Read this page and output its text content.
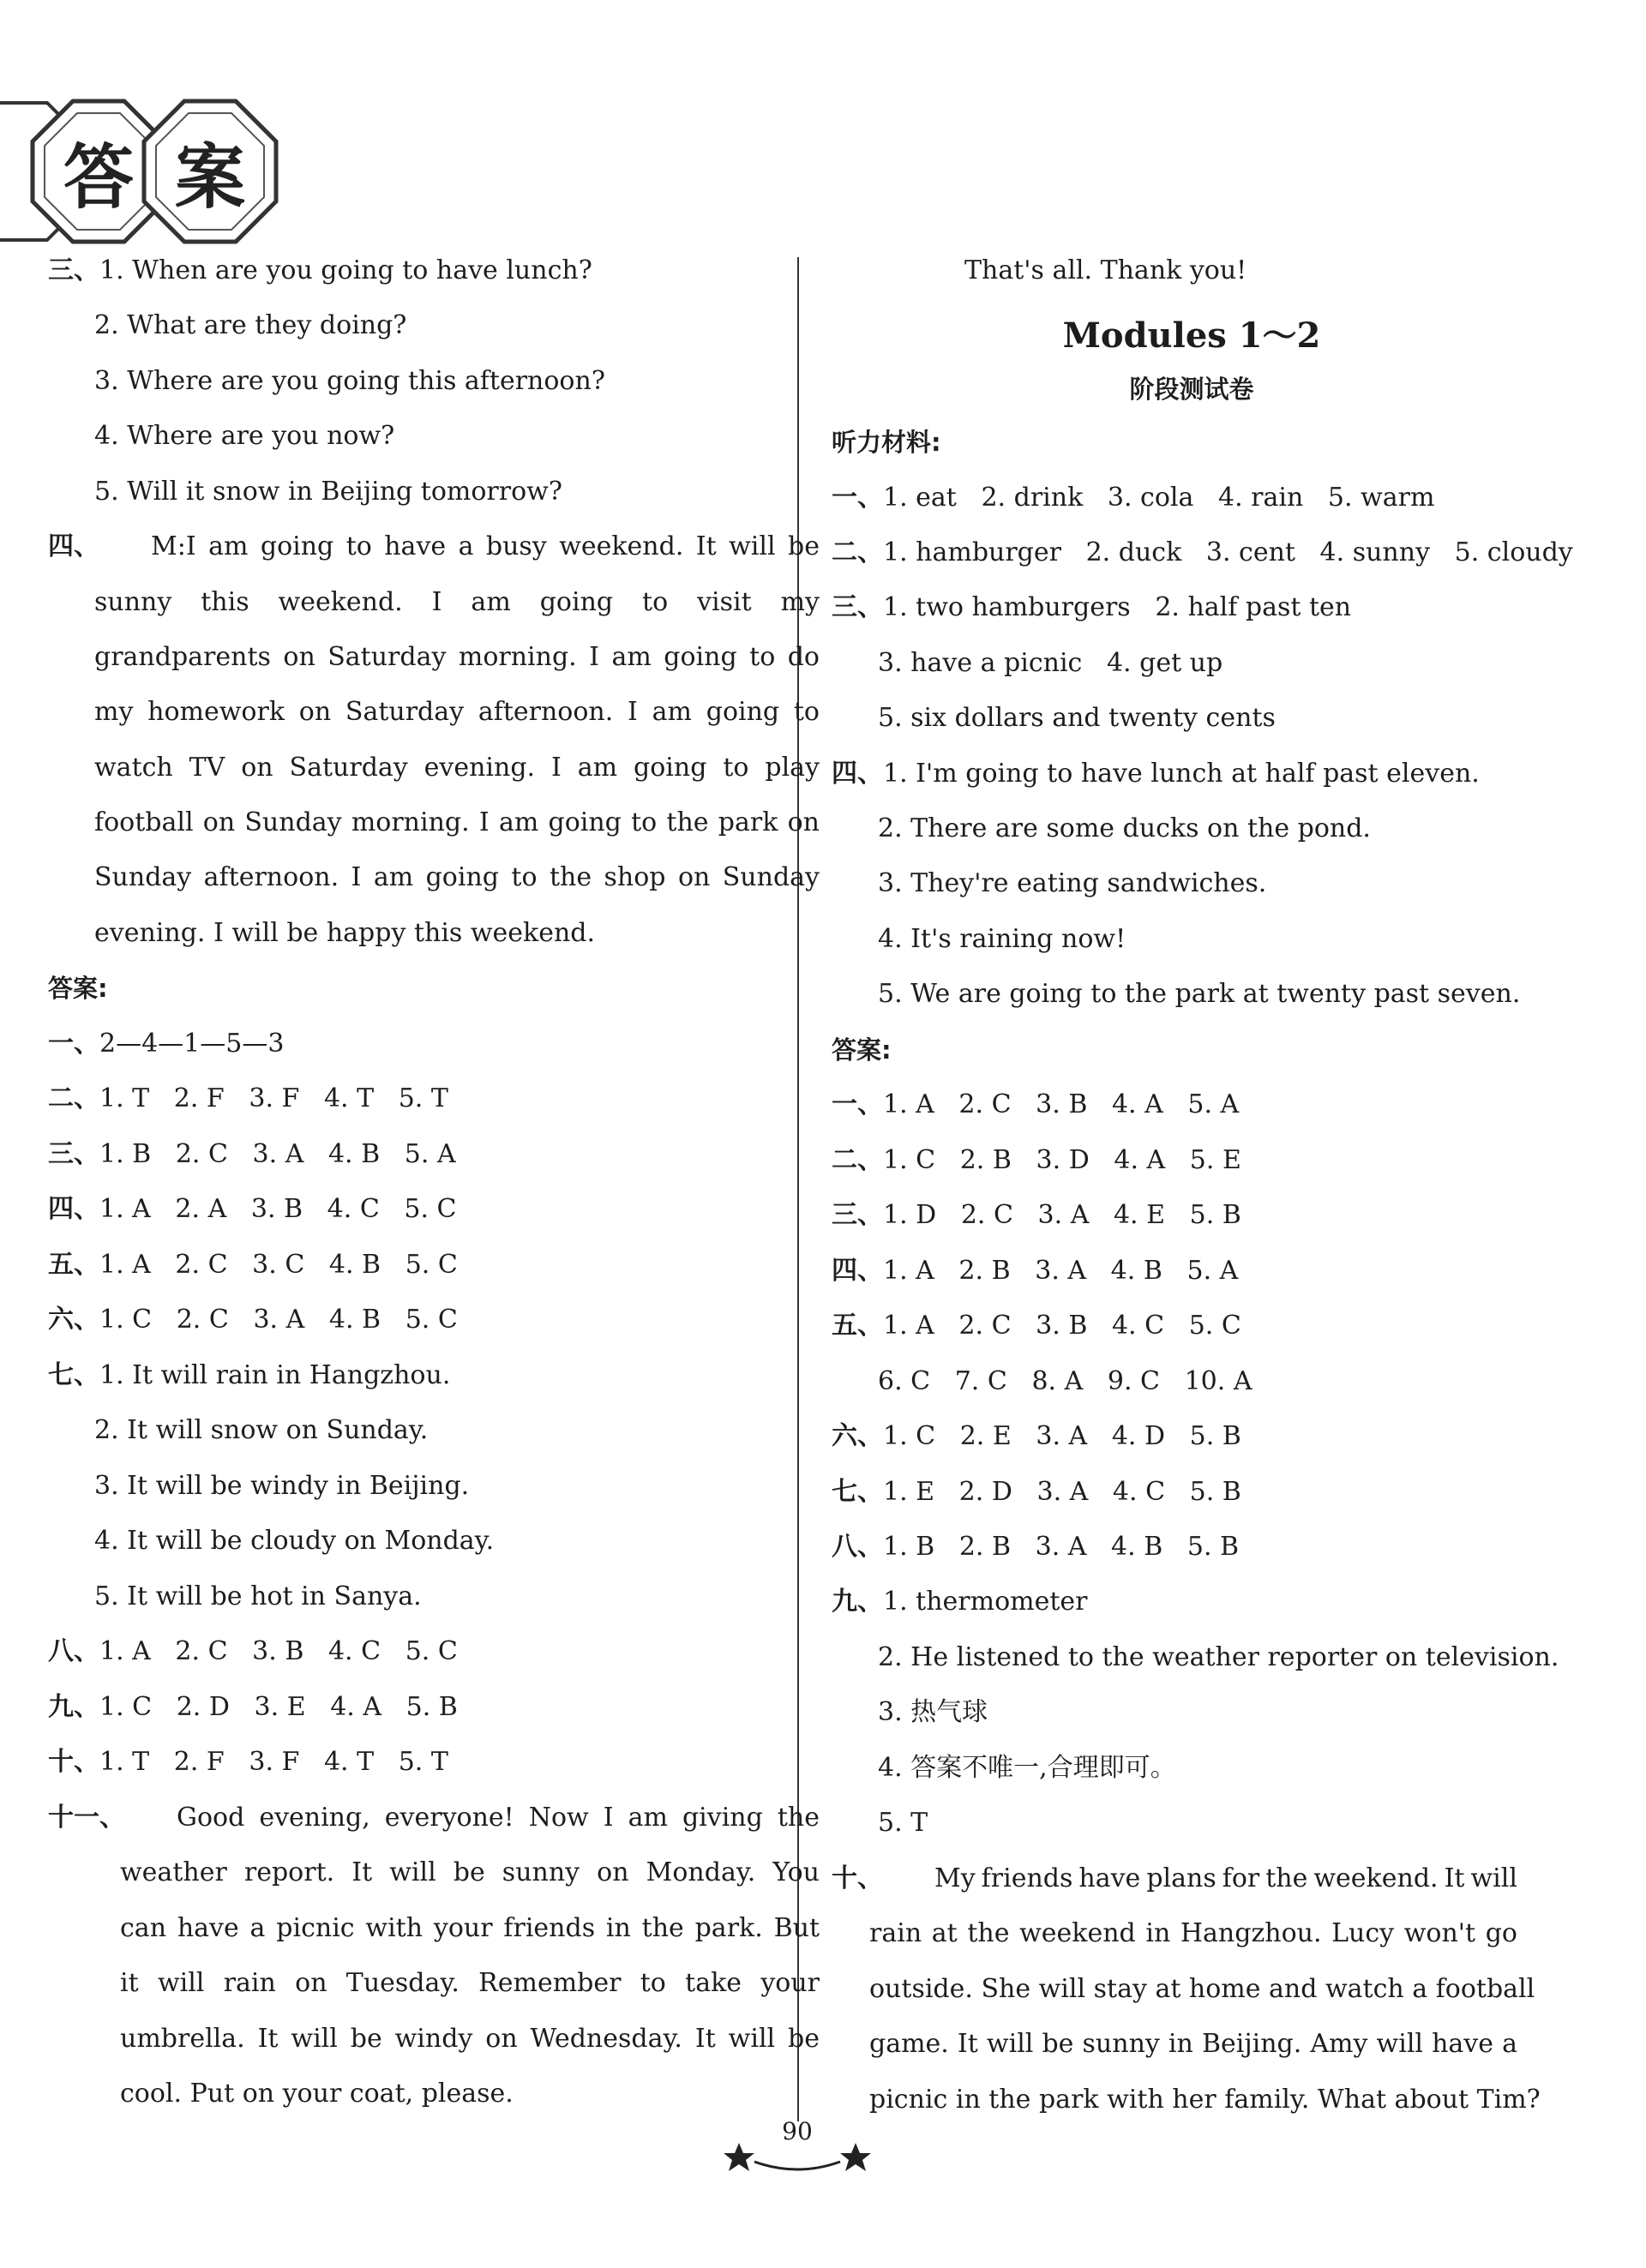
答 案
三、1. When are you going to have lunch?
2. What are they doing?
3. Where are you going this afternoon?
4. Where are you now?
5. Will it snow in Beijing tomorrow?
四、 M:I am going to have a busy weekend. It will be
sunny this weekend. I am going to visit my
grandparents on Saturday morning. I am going to do
my homework on Saturday afternoon. I am going to
watch TV on Saturday evening. I am going to play
football on Sunday morning. I am going to the park on
Sunday afternoon. I am going to the shop on Sunday
evening. I will be happy this weekend.
答案:
一、2—4—1—5—3
二、1. T   2. F   3. F   4. T   5. T
三、1. B   2. C   3. A   4. B   5. A
四、1. A   2. A   3. B   4. C   5. C
五、1. A   2. C   3. C   4. B   5. C
六、1. C   2. C   3. A   4. B   5. C
七、1. It will rain in Hangzhou.
2. It will snow on Sunday.
3. It will be windy in Beijing.
4. It will be cloudy on Monday.
5. It will be hot in Sanya.
八、1. A   2. C   3. B   4. C   5. C
九、1. C   2. D   3. E   4. A   5. B
十、1. T   2. F   3. F   4. T   5. T
十一、 Good evening, everyone! Now I am giving the
weather report. It will be sunny on Monday. You
can have a picnic with your friends in the park. But
it will rain on Tuesday. Remember to take your
umbrella. It will be windy on Wednesday. It will be
cool. Put on your coat, please.
That's all. Thank you!
Modules 1～2
阶段测试卷
听力材料:
一、1. eat   2. drink   3. cola   4. rain   5. warm
二、1. hamburger   2. duck   3. cent   4. sunny   5. cloudy
三、1. two hamburgers   2. half past ten
3. have a picnic   4. get up
5. six dollars and twenty cents
四、1. I'm going to have lunch at half past eleven.
2. There are some ducks on the pond.
3. They're eating sandwiches.
4. It's raining now!
5. We are going to the park at twenty past seven.
答案:
一、1. A   2. C   3. B   4. A   5. A
二、1. C   2. B   3. D   4. A   5. E
三、1. D   2. C   3. A   4. E   5. B
四、1. A   2. B   3. A   4. B   5. A
五、1. A   2. C   3. B   4. C   5. C
6. C   7. C   8. A   9. C   10. A
六、1. C   2. E   3. A   4. D   5. B
七、1. E   2. D   3. A   4. C   5. B
八、1. B   2. B   3. A   4. B   5. B
九、1. thermometer
2. He listened to the weather reporter on television.
3. 热气球
4. 答案不唯一,合理即可。
5. T
十、 My friends have plans for the weekend. It will
rain at the weekend in Hangzhou. Lucy won't go
outside. She will stay at home and watch a football
game. It will be sunny in Beijing. Amy will have a
picnic in the park with her family. What about Tim?
90
